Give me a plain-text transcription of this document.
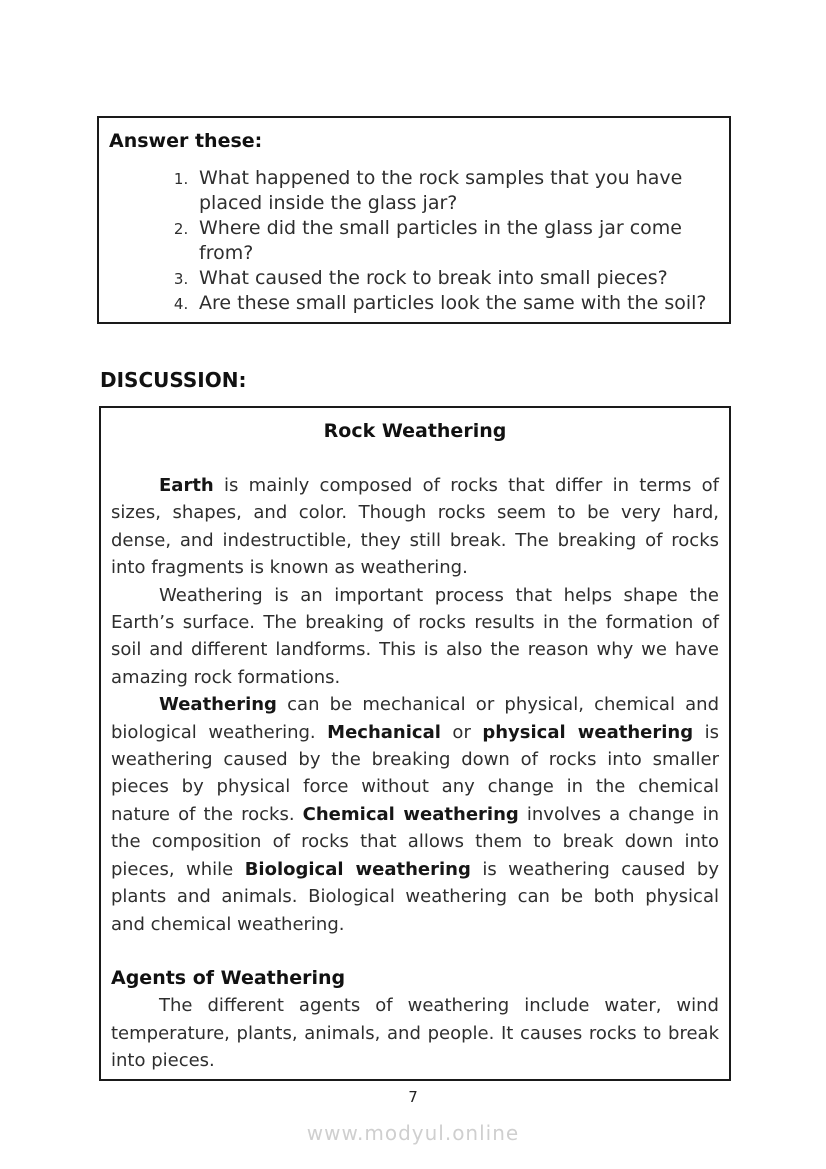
Answer these:
1. What happened to the rock samples that you have placed inside the glass jar?
2. Where did the small particles in the glass jar come from?
3. What caused the rock to break into small pieces?
4. Are these small particles look the same with the soil?
DISCUSSION:
Rock Weathering

Earth is mainly composed of rocks that differ in terms of sizes, shapes, and color. Though rocks seem to be very hard, dense, and indestructible, they still break. The breaking of rocks into fragments is known as weathering.

Weathering is an important process that helps shape the Earth’s surface. The breaking of rocks results in the formation of soil and different landforms. This is also the reason why we have amazing rock formations.

Weathering can be mechanical or physical, chemical and biological weathering. Mechanical or physical weathering is weathering caused by the breaking down of rocks into smaller pieces by physical force without any change in the chemical nature of the rocks. Chemical weathering involves a change in the composition of rocks that allows them to break down into pieces, while Biological weathering is weathering caused by plants and animals. Biological weathering can be both physical and chemical weathering.

Agents of Weathering

The different agents of weathering include water, wind temperature, plants, animals, and people. It causes rocks to break into pieces.

7
www.modyul.online
